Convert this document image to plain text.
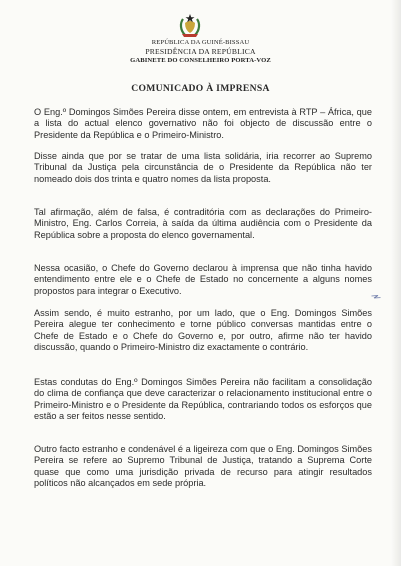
REPÚBLICA DA GUINÉ-BISSAU
PRESIDÊNCIA DA REPÚBLICA
GABINETE DO CONSELHEIRO PORTA-VOZ
COMUNICADO À IMPRENSA

O Eng.º Domingos Simões Pereira disse ontem, em entrevista à RTP – África, que a lista do actual elenco governativo não foi objecto de discussão entre o Presidente da República e o Primeiro-Ministro.

Disse ainda que por se tratar de uma lista solidária, iria recorrer ao Supremo Tribunal da Justiça pela circunstância de o Presidente da República não ter nomeado dois dos trinta e quatro nomes da lista proposta.

Tal afirmação, além de falsa, é contraditória com as declarações do Primeiro-Ministro, Eng. Carlos Correia, à saída da última audiência com o Presidente da República sobre a proposta do elenco governamental.

Nessa ocasião, o Chefe do Governo declarou à imprensa que não tinha havido entendimento entre ele e o Chefe de Estado no concernente a alguns nomes propostos para integrar o Executivo.

Assim sendo, é muito estranho, por um lado, que o Eng. Domingos Simões Pereira alegue ter conhecimento e torne público conversas mantidas entre o Chefe de Estado e o Chefe do Governo e, por outro, afirme não ter havido discussão, quando o Primeiro-Ministro diz exactamente o contrário.

Estas condutas do Eng.º Domingos Simões Pereira não facilitam a consolidação do clima de confiança que deve caracterizar o relacionamento institucional entre o Primeiro-Ministro e o Presidente da República, contrariando todos os esforços que estão a ser feitos nesse sentido.

Outro facto estranho e condenável é a ligeireza com que o Eng. Domingos Simões Pereira se refere ao Supremo Tribunal de Justiça, tratando a Suprema Corte quase que como uma jurisdição privada de recurso para atingir resultados políticos não alcançados em sede própria.
